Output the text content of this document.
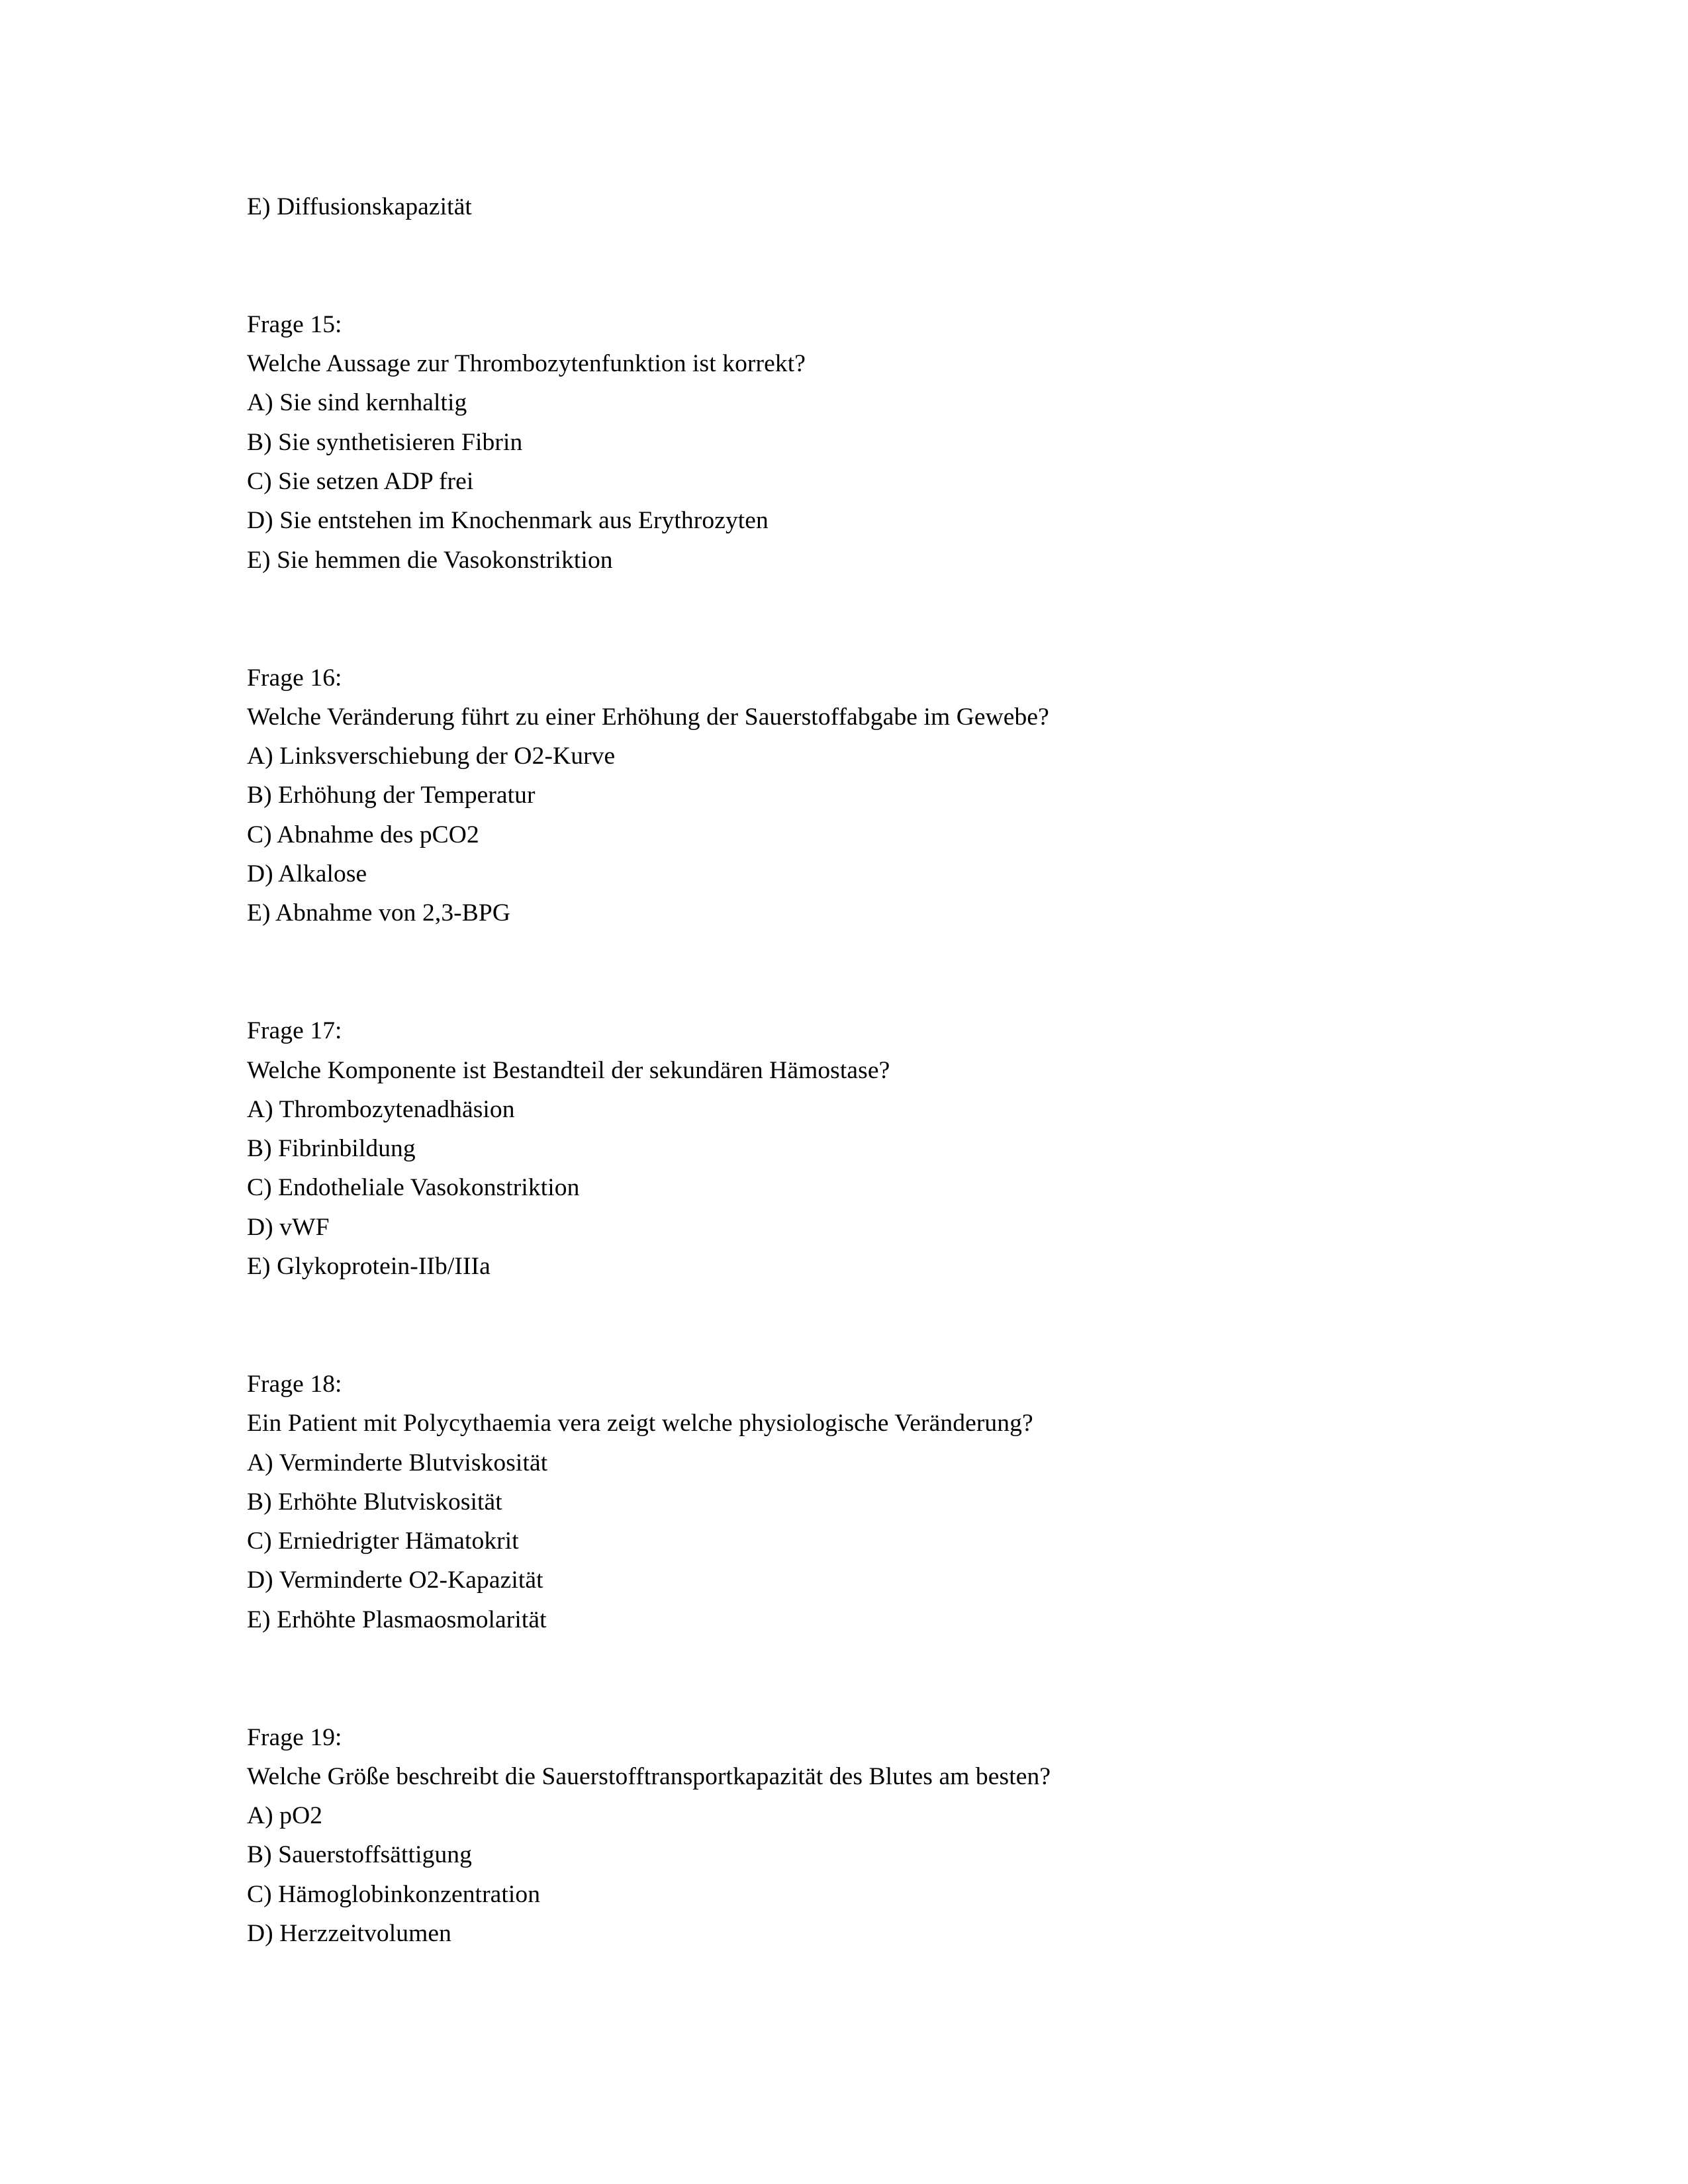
E) Diffusionskapazität
Frage 15:
Welche Aussage zur Thrombozytenfunktion ist korrekt?
A) Sie sind kernhaltig
B) Sie synthetisieren Fibrin
C) Sie setzen ADP frei
D) Sie entstehen im Knochenmark aus Erythrozyten
E) Sie hemmen die Vasokonstriktion
Frage 16:
Welche Veränderung führt zu einer Erhöhung der Sauerstoffabgabe im Gewebe?
A) Linksverschiebung der O2-Kurve
B) Erhöhung der Temperatur
C) Abnahme des pCO2
D) Alkalose
E) Abnahme von 2,3-BPG
Frage 17:
Welche Komponente ist Bestandteil der sekundären Hämostase?
A) Thrombozytenadhäsion
B) Fibrinbildung
C) Endotheliale Vasokonstriktion
D) vWF
E) Glykoprotein-IIb/IIIa
Frage 18:
Ein Patient mit Polycythaemia vera zeigt welche physiologische Veränderung?
A) Verminderte Blutviskosität
B) Erhöhte Blutviskosität
C) Erniedrigter Hämatokrit
D) Verminderte O2-Kapazität
E) Erhöhte Plasmaosmolarität
Frage 19:
Welche Größe beschreibt die Sauerstofftransportkapazität des Blutes am besten?
A) pO2
B) Sauerstoffsättigung
C) Hämoglobinkonzentration
D) Herzzeitvolumen
